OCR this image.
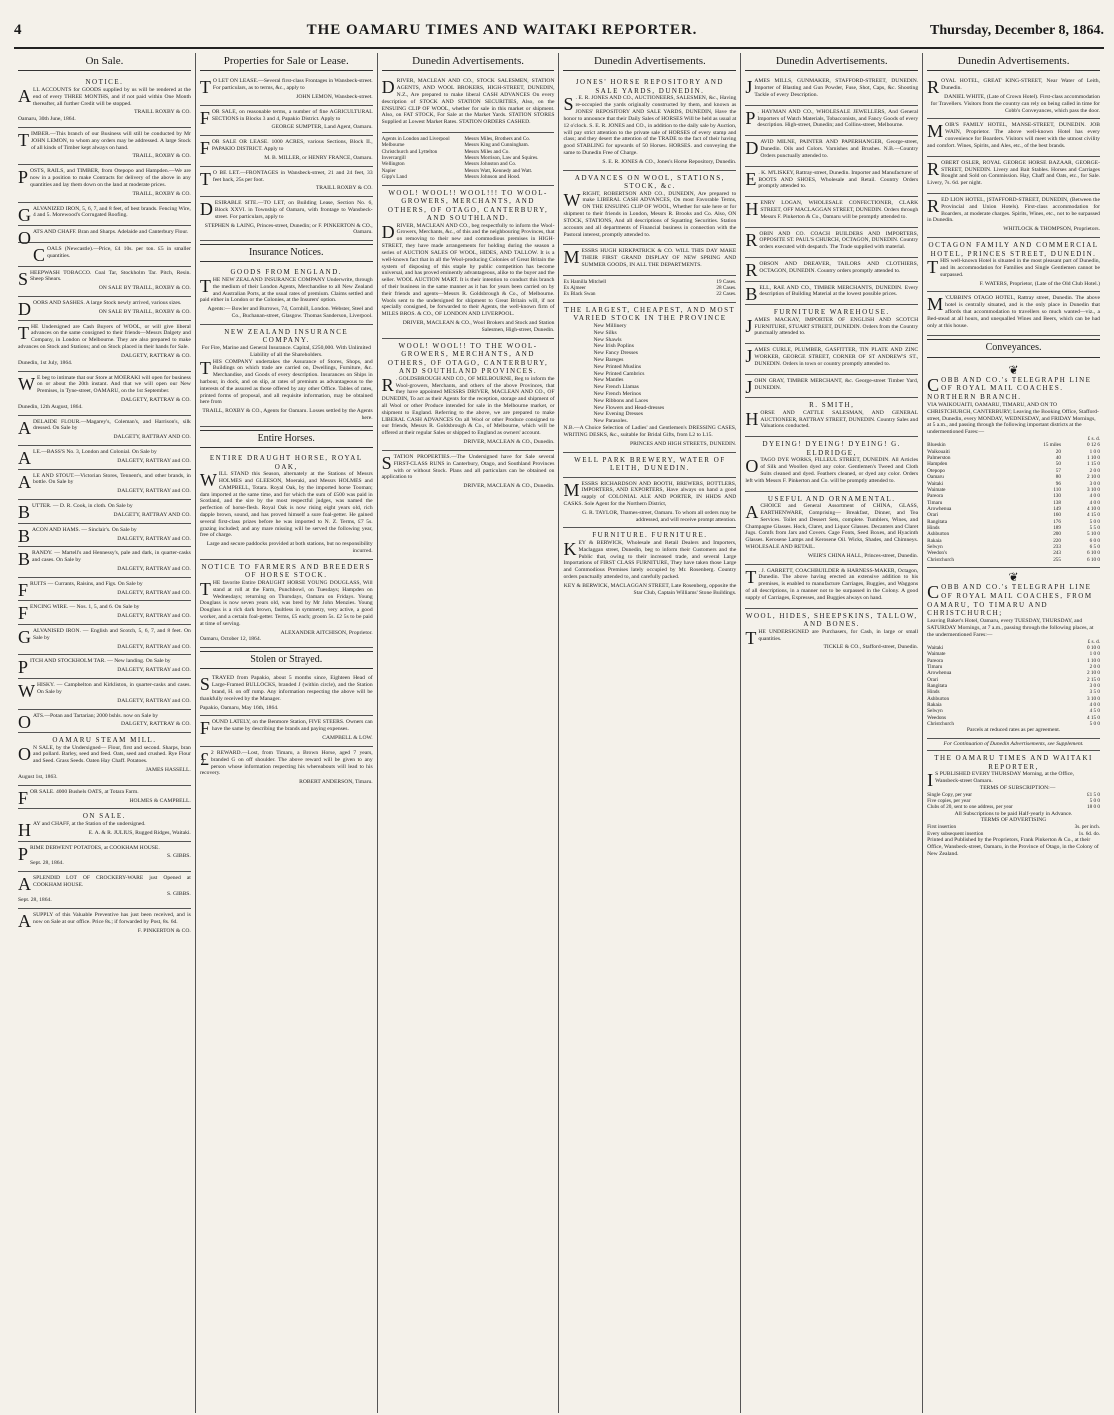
4	THE OAMARU TIMES AND WAITAKI REPORTER.	Thursday, December 8, 1864.
On Sale.
NOTICE.

ALL ACCOUNTS for GOODS supplied by us will be rendered at the end of every THREE MONTHS, and if not paid within One Month thereafter, all further Credit will be stopped.

TRAILL ROXBY & CO.
Oamaru, 30th June, 1864.

TIMBER.—This branch of our Business will still be conducted by Mr JOHN LEMON, to whom any orders may be addressed. A large Stock of all kinds of Timber kept always on hand.

TRAILL, ROXBY & CO.

POSTS, RAILS, and TIMBER, from Otepopo and Hampden.—We are now in a position to make Contracts for delivery of the above in any quantities and lay them down on the land at moderate prices.

TRAILL, ROXBY & CO.

GALVANIZED IRON, 5, 6, 7, and 8 feet, of best brands. Fencing Wire, 4 and 5. Morewood's Corrugated Roofing.

OATS AND CHAFF. Bran and Sharps. Adelaide and Canterbury Flour.

COALS (Newcastle).—Price, £4 10s. per ton. £5 in smaller quantities.

SHEEPWASH TOBACCO. Coal Tar, Stockholm Tar. Pitch, Resin. Sheep Shears.

ON SALE BY TRAILL, ROXBY & CO.

DOORS AND SASHES. A large Stock newly arrived, various sizes.

ON SALE BY TRAILL, ROXBY & CO.

THE Undersigned are Cash Buyers of WOOL, or will give liberal advances on the same consigned to their friends—Messrs Dalgety and Company, in London or Melbourne. They are also prepared to make advances on Stock and Stations; and on Stock placed in their hands for Sale.

DALGETY, RATTRAY & CO.
Dunedin, 1st July, 1864.

W E beg to intimate that our Store at MOERAKI will open for business on or about the 20th instant. And that we will open our New Premises, in Tyne-street, OAMARU, on the 1st September.

DALGETY, RATTRAY & CO.
Dunedin, 12th August, 1864.

ADELAIDE FLOUR.—Magarey's, Coleman's, and Harrison's, silk dressed. On Sale by

DALGETY, RATTRAY AND CO.

ALE.—BASS'S No. 3, London and Colonial. On Sale by

DALGETY, RATTRAY and CO.

ALE AND STOUT.—Victorian Stores, Tennent's, and other brands, in bottle. On Sale by

DALGETY, RATTRAY and CO.

BUTTER. — D. R. Cook, in cloth. On Sale by

DALGETY, RATTRAY AND CO.

BACON AND HAMS. — Sinclair's. On Sale by

DALGETY, RATTRAY and CO.

BRANDY. — Martell's and Hennessy's, pale and dark, in quarter-casks and cases. On Sale by

DALGETY, RATTRAY and CO.

FRUITS — Currants, Raisins, and Figs. On Sale by

DALGETY, RATTRAY and CO.

FENCING WIRE. — Nos. 1, 5, and 6. On Sale by

DALGETY, RATTRAY and CO.

GALVANISED IRON. — English and Scotch, 5, 6, 7, and 8 feet. On Sale by

DALGETY, RATTRAY and CO.

PITCH AND STOCKHOLM TAR. — New landing. On Sale by

DALGETY, RATTRAY and CO.

WHISKY. — Campbelton and Kirkliston, in quarter-casks and cases. On Sale by

DALGETY, RATTRAY and CO.

OATS.—Potan and Tartarian; 2000 bshls. now on Sale by

DALGETY, RATTRAY & CO.
OAMARU STEAM MILL.

O N SALE, by the Undersigned— Flour, first and second. Sharps, bran and pollard. Barley, seed and feed. Oats, seed and crushed. Rye Flour and Seed. Grass Seeds. Oaten Hay Chaff. Potatoes.

JAMES HASSELL.
August 1st, 1863.

FOR SALE. 4000 Bushels OATS, at Totara Farm.

HOLMES & CAMPBELL.
ON SALE.

HAY and CHAFF, at the Station of the undersigned.

E. A. & R. JULIUS, Rugged Ridges, Waitaki.

PRIME DERWENT POTATOES, at COOKHAM HOUSE.

S. GIBBS.
Sept. 28, 1864.

ASPLENDID LOT OF CROCKERY-WARE just Opened at COOKHAM HOUSE.

S. GIBBS.
Sept. 28, 1864.

ASUPPLY of this Valuable Preventive has just been received, and is now on Sale at our office. Price 8s.; if forwarded by Post, 8s. 6d.

F. PINKERTON & CO.
Properties for Sale or Lease.

T O LET ON LEASE.—Several first-class Frontages in Wansbeck-street. For particulars, as to terms, &c., apply to

JOHN LEMON, Wansbeck-street.

FOR SALE, on reasonable terms, a number of fine AGRICULTURAL SECTIONS in Blocks 3 and 4, Papakio District. Apply to

GEORGE SUMPTER, Land Agent, Oamaru.

FOR SALE OR LEASE. 1000 ACRES, various Sections, Block II., PAPAKIO DISTRICT. Apply to

M. B. MILLER, or HENRY FRANCE, Oamaru.

T O BE LET.—FRONTAGES in Wansbeck-street, 21 and 24 feet, 33 feet back, 25s per foot.

TRAILL ROXBY & CO.

DESIRABLE SITE.—TO LET, on Building Lease, Section No. 6, Block XXVI. in Township of Oamaru, with frontage to Wansbeck-street. For particulars, apply to

STEPHEN & LAING, Princes-street, Dunedin; or F. PINKERTON & CO., Oamaru.
Insurance Notices.
GOODS FROM ENGLAND.

THE NEW ZEALAND INSURANCE COMPANY Underwrite, through the medium of their London Agents, Merchandise to all New Zealand and Australian Ports, at the usual rates of premium. Claims settled and paid either in London or the Colonies, at the Insurers' option.

Agents:— Bowler and Burrows, 74, Cornhill, London. Webster, Steel and Co., Buchanan-street, Glasgow. Thomas Sanderson, Liverpool.
NEW ZEALAND INSURANCE COMPANY.
For Fire, Marine and General Insurance. Capital, £250,000. With Unlimited Liability of all the Shareholders.

THIS COMPANY undertakes the Assurance of Stores, Shops, and Buildings on which trade are carried on, Dwellings, Furniture, &c. Merchandise, and Goods of every description. Insurances on Ships in harbour, in dock, and on slip, at rates of premium as advantageous to the interests of the assured as those offered by any other Office. Tables of rates, printed forms of proposal, and all requisite information, may be obtained here from

TRAILL, ROXBY & CO., Agents for Oamaru. Losses settled by the Agents here.
Entire Horses.
ENTIRE DRAUGHT HORSE, ROYAL OAK,

WILL STAND this Season, alternately at the Stations of Messrs HOLMES and GLEESON, Moeraki, and Messrs HOLMES and CAMPBELL, Totara. Royal Oak, by the imported horse Tooman; dam imported at the same time, and for which the sum of £500 was paid in Scotland, and the sire by the most respectful judges, was named the perfection of horse-flesh. Royal Oak is now rising eight years old, rich dapple brown, sound, and has proved himself a sure foal-getter. He gained several first-class prizes before he was imported to N. Z. Terms, £7 5s. grazing included; and any mare missing will be served the following year, free of charge.

Large and secure paddocks provided at both stations, but no responsibility incurred.
NOTICE TO FARMERS AND BREEDERS OF HORSE STOCK.

THE favorite Entire DRAUGHT HORSE YOUNG DOUGLASS, Will stand at roll at the Farm, Punchbowl, on Tuesdays; Hampden on Wednesdays; returning on Thursdays, Oamaru on Fridays. Young Douglass is now seven years old, was bred by Mr John Menzies. Young Douglass is a rich dark brown, faultless in symmetry, very active, a good worker, and a certain foal-getter. Terms, £5 each; groom 5s. £2 5s to be paid at time of serving.

ALEXANDER AITCHISON, Proprietor.
Oamaru, October 12, 1864.
Stolen or Strayed.

STRAYED from Papakio, about 5 months since, Eighteen Head of Large-Framed BULLOCKS, branded J (within circle), and the Station brand, H. on off rump. Any information respecting the above will be thankfully received by the Manager.

Papakio, Oamaru, May 16th, 1864.

FOUND LATELY, on the Benmore Station, FIVE STEERS. Owners can have the same by describing the brands and paying expenses.

CAMPBELL & LOW.

£ 2 REWARD.—Lost, from Timaru, a Brown Horse, aged 7 years, branded G on off shoulder. The above reward will be given to any person whose information respecting his whereabouts will lead to his recovery.

ROBERT ANDERSON, Timaru.
Dunedin Advertisements.

DRIVER, MACLEAN AND CO., STOCK SALESMEN, STATION AGENTS, AND WOOL BROKERS, HIGH-STREET, DUNEDIN, N.Z., Are prepared to make liberal CASH ADVANCES On every description of STOCK AND STATION SECURITIES, Also, on the ENSUING CLIP OF WOOL, whether for sale in this market or shipment. Also, on FAT STOCK, For Sale at the Market Yards. STATION STORES Supplied at Lowest Market Rates. STATION ORDERS CASHED.

Agents in London and Liverpool	Messrs Miles, Brothers and Co.
Melbourne	Messrs King and Cunningham.
Christchurch and Lyttelton	Messrs Miles and Co.
Invercargill	Messrs Morrison, Law and Squires.
Wellington	Messrs Johnston and Co.
Napier	Messrs Watt, Kennedy and Watt.
Gipp's Land	Messrs Johnson and Hood.
WOOL! WOOL!! WOOL!!! TO WOOL-GROWERS, MERCHANTS, AND OTHERS, OF OTAGO, CANTERBURY, AND SOUTHLAND.

DRIVER, MACLEAN AND CO., beg respectfully to inform the Wool-Growers, Merchants, &c., of this and the neighbouring Provinces, that on removing to their new and commodious premises in HIGH-STREET, they have made arrangements for holding during the season a series of AUCTION SALES OF WOOL, HIDES, AND TALLOW. It is a well-known fact that in all the Wool-producing Colonies of Great Britain the system of disposing of this staple by public competition has become universal, and has proved eminently advantageous, alike to the buyer and the seller. WOOL AUCTION MART. It is their intention to conduct this branch of their business in the same manner as it has for years been carried on by their friends and agents—Messrs R. Goldsbrough & Co., of Melbourne. Wools sent to the undersigned for shipment to Great Britain will, if not specially consigned, be forwarded to their Agents, the well-known firm of MILES BROS. & CO., OF LONDON AND LIVERPOOL.

DRIVER, MACLEAN & CO., Wool Brokers and Stock and Station Salesmen, High-street, Dunedin.
WOOL! WOOL!! TO THE WOOL-GROWERS, MERCHANTS, AND OTHERS, OF OTAGO, CANTERBURY, AND SOUTHLAND PROVINCES.

R . GOLDSBROUGH AND CO., OF MELBOURNE, Beg to inform the Wool-growers, Merchants, and others of the above Provinces, that they have appointed MESSRS DRIVER, MACLEAN AND CO., OF DUNEDIN, To act as their Agents for the reception, storage and shipment of all Wool or other Produce intended for sale in the Melbourne market, or shipment to England. Referring to the above, we are prepared to make LIBERAL CASH ADVANCES On all Wool or other Produce consigned to our friends, Messrs R. Goldsbrough & Co., of Melbourne, which will be offered at their regular Sales or shipped to England as owners' account.

DRIVER, MACLEAN & CO., Dunedin.

STATION PROPERTIES.—The Undersigned have for Sale several FIRST-CLASS RUNS in Canterbury, Otago, and Southland Provinces with or without Stock. Plans and all particulars can be obtained on application to

DRIVER, MACLEAN & CO., Dunedin.
Dunedin Advertisements.
JONES' HORSE REPOSITORY AND SALE YARDS, DUNEDIN.

S . E. R. JONES AND CO., AUCTIONEERS, SALESMEN, &c., Having re-occupied the yards originally constructed by them, and known as JONES' REPOSITORY AND SALE YARDS, DUNEDIN, Have the honor to announce that their Daily Sales of HORSES Will be held as usual at 12 o'clock. S. E. R. JONES and CO., in addition to the daily sale by Auction, will pay strict attention to the private sale of HORSES of every stamp and class; and they desert the attention of the TRADE to the fact of their having good STABLING for upwards of 50 Horses. HORSES. and conveying the same to Dunedin Free of Charge.

S. E. R. JONES & CO., Jones's Horse Repository, Dunedin.
ADVANCES ON WOOL, STATIONS, STOCK, &c.

WRIGHT, ROBERTSON AND CO., DUNEDIN, Are prepared to make LIBERAL CASH ADVANCES, On most Favorable Terms, ON THE ENSUING CLIP OF WOOL, Whether for sale here or for shipment to their friends in London, Messrs R. Brooks and Co. Also, ON STOCK, STATIONS, And all descriptions of Squatting Securities. Station accounts and all departments of Financial business in connection with the Pastoral interest, promptly attended to.

MESSRS HUGH KIRKPATRICK & CO. WILL THIS DAY MAKE THEIR FIRST GRAND DISPLAY OF NEW SPRING AND SUMMER GOODS, IN ALL THE DEPARTMENTS.

Ex Hamilla Mitchell	19 Cases.
Ex Ajmeer	28 Cases.
Ex Black Swan	22 Cases.
THE LARGEST, CHEAPEST, AND MOST VARIED STOCK IN THE PROVINCE
New Millinery
New Silks
New Shawls
New Irish Poplins
New Fancy Dresses
New Bareges
New Printed Muslins
New Printed Cambrics
New Mantles
New French Llamas
New French Merinos
New Ribbons and Laces
New Flowers and Head-dresses
New Evening Dresses
New Parasoles.

N.B.—A Choice Selection of Ladies' and Gentlemen's DRESSING CASES, WRITING DESKS, &c., suitable for Bridal Gifts, from L2 to L15.

PRINCES AND HIGH STREETS, DUNEDIN.
WELL PARK BREWERY, WATER OF LEITH, DUNEDIN.

MESSRS RICHARDSON AND BOOTH, BREWERS, BOTTLERS, IMPORTERS, AND EXPORTERS, Have always on hand a good supply of COLONIAL ALE AND PORTER, IN HHDS AND CASKS. Sole Agent for the Northern District,

G. R. TAYLOR, Thames-street, Oamaru. To whom all orders may be addressed, and will receive prompt attention.
FURNITURE. FURNITURE.

KEY & BERWICK, Wholesale and Retail Dealers and Importers, Maclaggan street, Dunedin, beg to inform their Customers and the Public that, owing to their increased trade, and several Large Importations of FIRST CLASS FURNITURE, They have taken those Large and Commodious Premises lately occupied by Mr. Rosenberg. Country orders punctually attended to, and carefully packed.

KEY & BERWICK, MACLAGGAN STREET, Late Rosenberg, opposite the Star Club, Captain Williams' Stone Buildings.
Dunedin Advertisements.

JAMES MILLS, GUNMAKER, STAFFORD-STREET, DUNEDIN. Importer of Blasting and Gun Powder, Fuse, Shot, Caps, &c. Shooting Tackle of every Description.

P . HAYMAN AND CO., WHOLESALE JEWELLERS, And General Importers of Watch Materials, Tobacconists, and Fancy Goods of every description. High-street, Dunedin; and Collins-street, Melbourne.

DAVID MILNE, PAINTER AND PAPERHANGER, George-street, Dunedin. Oils and Colors. Varnishes and Brushes. N.B.—Country Orders punctually attended to.

E . K. M'LISKEY, Rattray-street, Dunedin. Importer and Manufacturer of BOOTS AND SHOES, Wholesale and Retail. Country Orders promptly attended to.

HENRY LOGAN, WHOLESALE CONFECTIONER, CLARK STREET, OFF MACLAGGAN STREET, DUNEDIN. Orders through Messrs F. Pinkerton & Co., Oamaru will be promptly attended to.

ROBIN AND CO. COACH BUILDERS AND IMPORTERS, OPPOSITE ST. PAUL'S CHURCH, OCTAGON, DUNEDIN. Country orders executed with despatch. The Trade supplied with material.

ROBSON AND DREAVER, TAILORS AND CLOTHIERS, OCTAGON, DUNEDIN. Country orders promptly attended to.

BELL, RAE AND CO., TIMBER MERCHANTS, DUNEDIN. Every description of Building Material at the lowest possible prices.

FURNITURE WAREHOUSE.

JAMES MACKAY, IMPORTER OF ENGLISH AND SCOTCH FURNITURE, STUART STREET, DUNEDIN. Orders from the Country punctually attended to.

JAMES CURLE, PLUMBER, GASFITTER, TIN PLATE AND ZINC WORKER, GEORGE STREET, CORNER OF ST ANDREW'S ST., DUNEDIN. Orders in town or country promptly attended to.

JOHN GRAY, TIMBER MERCHANT, &c. George-street Timber Yard, DUNEDIN.

R. SMITH,

HORSE AND CATTLE SALESMAN, AND GENERAL AUCTIONEER, RATTRAY STREET, DUNEDIN. Country Sales and Valuations conducted.

DYEING! DYEING! DYEING! G. ELDRIDGE,

OTAGO DYE WORKS, FILLEUL STREET, DUNEDIN. All Articles of Silk and Woollen dyed any color. Gentlemen's Tweed and Cloth Suits cleaned and dyed. Feathers cleaned, or dyed any color. Orders left with Messrs F. Pinkerton and Co. will be promptly attended to.

USEFUL AND ORNAMENTAL.

ACHOICE and General Assortment of CHINA, GLASS, EARTHENWARE, Comprising— Breakfast, Dinner, and Tea Services. Toilet and Dessert Sets, complete. Tumblers, Wines, and Champagne Glasses. Hock, Claret, and Liquor Glasses. Decanters and Claret Jugs. Comfs from Jars and Covers. Cage Fonts, Seed Boxes, and Hyacinth Glasses. Kerosene Lamps and Kerosene Oil. Wicks, Shades, and Chimneys. WHOLESALE AND RETAIL.

WEIR'S CHINA HALL, Princes-street, Dunedin.

T . J. GARRETT, COACHBUILDER & HARNESS-MAKER, Octagon, Dunedin. The above having erected an extensive addition to his premises, is enabled to manufacture Carriages, Buggies, and Waggons of all descriptions, in a manner not to be surpassed in the Colony. A good supply of Carriages, Expresses, and Buggies always on hand.

WOOL, HIDES, SHEEPSKINS, TALLOW, AND BONES.

THE UNDERSIGNED are Purchasers, for Cash, in large or small quantities.

TICKLE & CO., Stafford-street, Dunedin.
Dunedin Advertisements.

ROYAL HOTEL, GREAT KING-STREET, Near Water of Leith, Dunedin.

DANIEL WHITE, (Late of Crown Hotel). First-class accommodation for Travellers. Visitors from the country can rely on being called in time for Cobb's Conveyances, which pass the door.

MOIR'S FAMILY HOTEL, MANSE-STREET, DUNEDIN. JOB WAIN, Proprietor. The above well-known Hotel has every convenience for Boarders. Visitors will meet with the utmost civility and comfort. Wines, Spirits, and Ales, etc., of the best brands.

ROBERT OSLER, ROYAL GEORGE HORSE BAZAAR, GEORGE-STREET, DUNEDIN. Livery and Bait Stables. Horses and Carriages Bought and Sold on Commission. Hay, Chaff and Oats, etc., for Sale. Livery, 7s. 6d. per night.

RED LION HOTEL, [STAFFORD-STREET, DUNEDIN, (Between the Provincial and Union Hotels). First-class accommodation for Boarders, at moderate charges. Spirits, Wines, etc., not to be surpassed in Dunedin.

WHITLOCK & THOMPSON, Proprietors.
OCTAGON FAMILY AND COMMERCIAL HOTEL, PRINCES STREET, DUNEDIN.

THIS well-known Hotel is situated in the most pleasant part of Dunedin, and its accommodation for Families and Single Gentlemen cannot be surpassed.

F. WATERS, Proprietor, (Late of the Old Club Hotel.)

M 'CUBBIN'S OTAGO HOTEL, Rattray street, Dunedin. The above hotel is centrally situated, and is the only place in Dunedin that affords that accommodation to travellers so much wanted—viz., a Bed-stead at all hours, and unequalled Wines and Beers, which can be had only at this house.

Conveyances.
❦
COBB AND CO.'s TELEGRAPH LINE OF ROYAL MAIL COACHES. NORTHERN BRANCH.
VIA WAIKOUAITI, OAMARU, TIMARU, AND ON TO CHRISTCHURCH, CANTERBURY; Leaving the Booking Office, Stafford-street, Dunedin, every MONDAY, WEDNESDAY, and FRIDAY Mornings, at 5 a.m., and passing through the following important districts at the undermentioned Fares:—
£ s. d.		
Blueskin	15 miles	0 12 6
Waikouaiti	20	1 0 0
Palmerston	40	1 10 0
Hampden	50	1 15 0
Otepopo	57	2 0 0
Oamaru	80	2 10 0
Waitaki	96	3 0 0
Waimate	110	3 10 0
Pareora	130	4 0 0
Timaru	138	4 0 0
Arowhenua	149	4 10 0
Orari	160	4 15 0
Rangitata	176	5 0 0
Hinds	189	5 5 0
Ashburton	200	5 10 0
Rakaia	220	6 0 0
Selwyn	233	6 5 0
Weedon's	243	6 10 0
Christchurch	255	6 10 0
❦
COBB AND CO.'s TELEGRAPH LINE OF ROYAL MAIL COACHES, FROM OAMARU, TO TIMARU AND CHRISTCHURCH;
Leaving Baker's Hotel, Oamaru, every TUESDAY, THURSDAY, and SATURDAY Mornings, at 7 a.m., passing through the following places, at the undermentioned Fares:—
£ s. d.	
Waitaki	0 10 0
Waimate	1 0 0
Pareora	1 10 0
Timaru	2 0 0
Arowhenua	2 10 0
Orari	2 15 0
Rangitata	3 0 0
Hinds	3 5 0
Ashburton	3 10 0
Rakaia	4 0 0
Selwyn	4 5 0
Weedons	4 15 0
Christchurch	5 0 0
Parcels at reduced rates as per agreement.
For Continuation of Dunedin Advertisements, see Supplement.
THE OAMARU TIMES AND WAITAKI REPORTER,
I S PUBLISHED EVERY THURSDAY Morning, at the Office, Wansbeck-street Oamaru.
TERMS OF SUBSCRIPTION:—
Single Copy, per year	£1 5 0
Five copies, per year	5 0 0
Clubs of 20, sent to one address, per year	18 0 0
All Subscriptions to be paid Half-yearly in Advance.
TERMS OF ADVERTISING
First insertion	3s. per inch.
Every subsequent insertion	1s. 6d. do.
Printed and Published by the Proprietors, Frank Pinkerton & Co., at their Office, Wansbeck-street, Oamaru, in the Province of Otago, in the Colony of New Zealand.
